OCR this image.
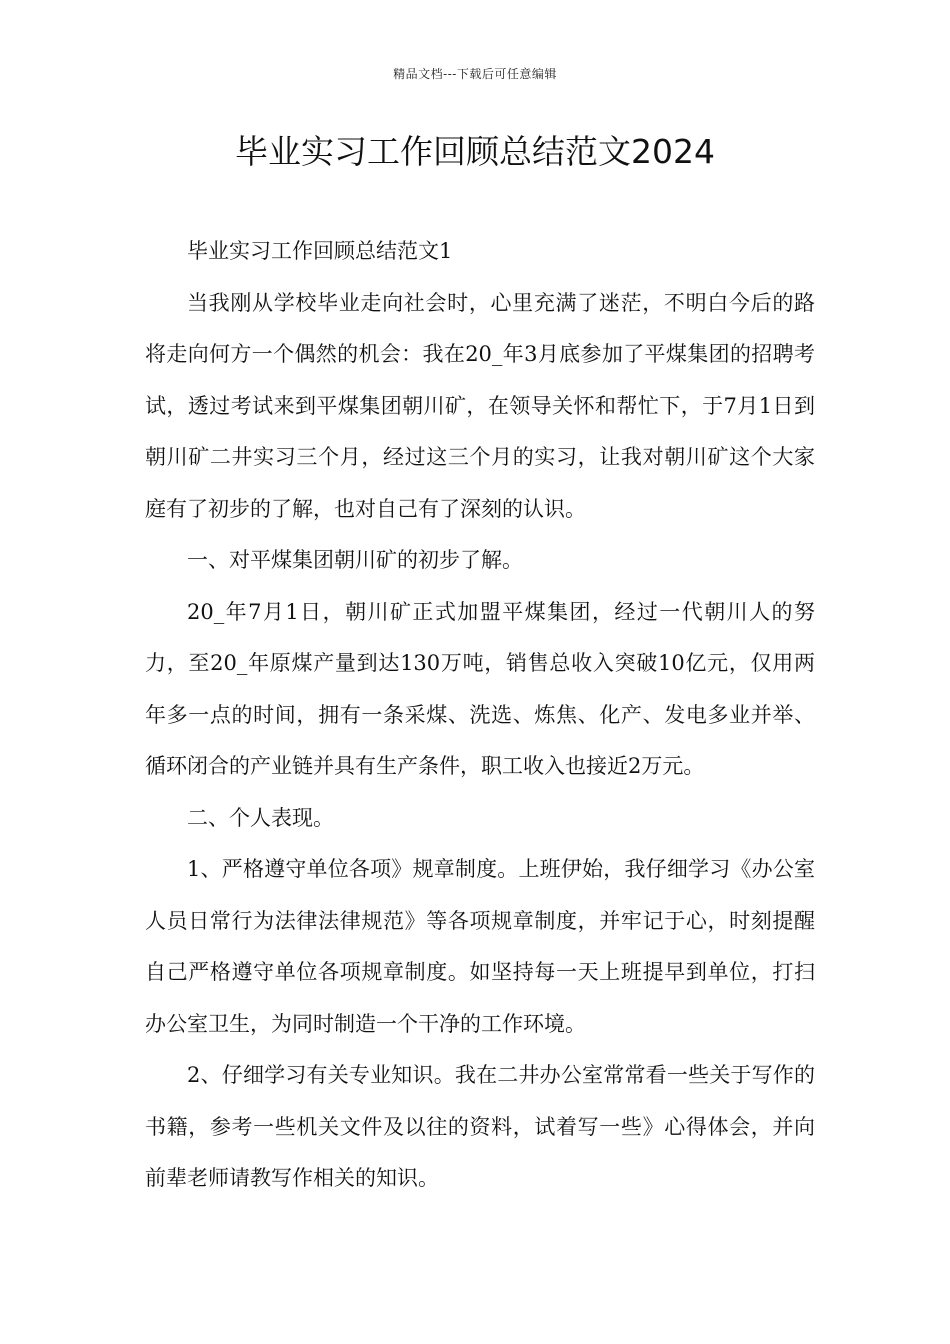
精品文档---下载后可任意编辑
毕业实习工作回顾总结范文2024

毕业实习工作回顾总结范文1

当我刚从学校毕业走向社会时，心里充满了迷茫，不明白今后的路将走向何方一个偶然的机会：我在20_年3月底参加了平煤集团的招聘考试，透过考试来到平煤集团朝川矿，在领导关怀和帮忙下，于7月1日到朝川矿二井实习三个月，经过这三个月的实习，让我对朝川矿这个大家庭有了初步的了解，也对自己有了深刻的认识。

一、对平煤集团朝川矿的初步了解。

20_年7月1日，朝川矿正式加盟平煤集团，经过一代朝川人的努力，至20_年原煤产量到达130万吨，销售总收入突破10亿元，仅用两年多一点的时间，拥有一条采煤、洗选、炼焦、化产、发电多业并举、循环闭合的产业链并具有生产条件，职工收入也接近2万元。

二、个人表现。

1、严格遵守单位各项》规章制度。上班伊始，我仔细学习《办公室人员日常行为法律法律规范》等各项规章制度，并牢记于心，时刻提醒自己严格遵守单位各项规章制度。如坚持每一天上班提早到单位，打扫办公室卫生，为同时制造一个干净的工作环境。

2、仔细学习有关专业知识。我在二井办公室常常看一些关于写作的书籍，参考一些机关文件及以往的资料，试着写一些》心得体会，并向前辈老师请教写作相关的知识。
